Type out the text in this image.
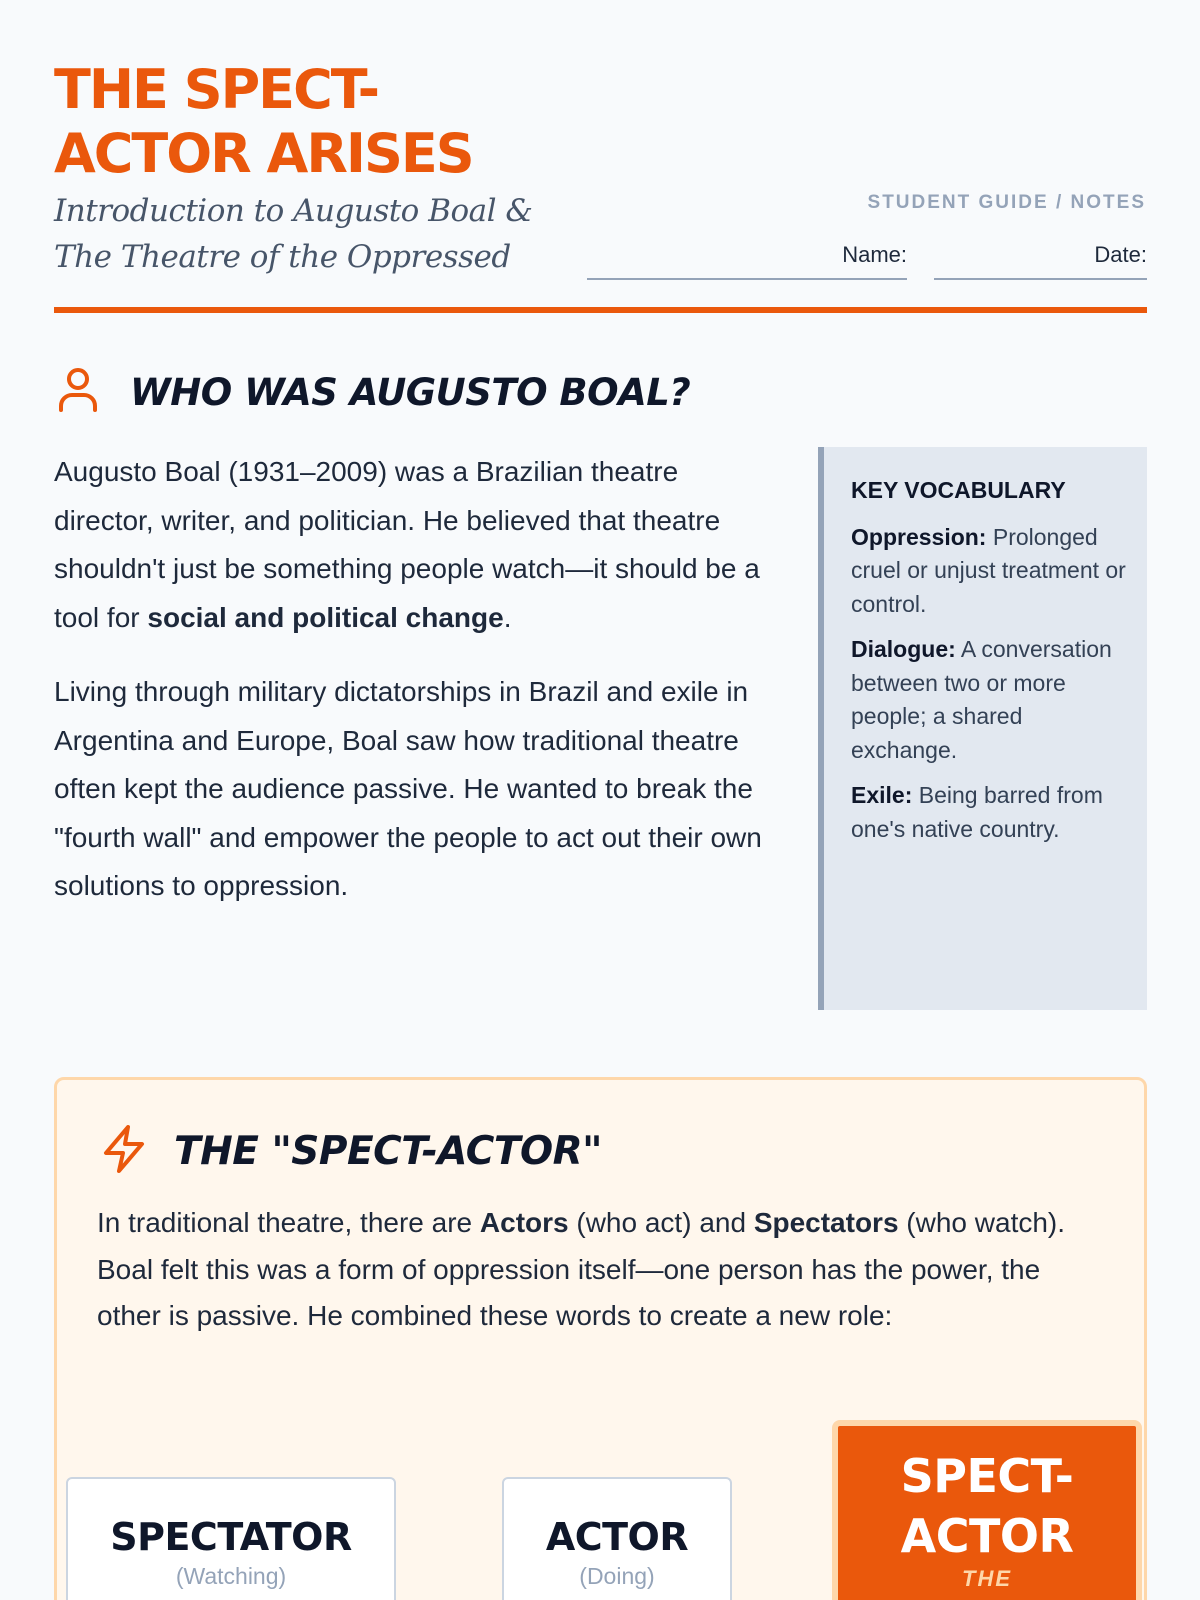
THE SPECT-
ACTOR ARISES
Introduction to Augusto Boal &
The Theatre of the Oppressed
STUDENT GUIDE / NOTES
Name:	Date:
WHO WAS AUGUSTO BOAL?

Augusto Boal (1931–2009) was a Brazilian theatre director, writer, and politician. He believed that theatre shouldn't just be something people watch—it should be a tool for social and political change.

Living through military dictatorships in Brazil and exile in Argentina and Europe, Boal saw how traditional theatre often kept the audience passive. He wanted to break the "fourth wall" and empower the people to act out their own solutions to oppression.

KEY VOCABULARY
Oppression: Prolonged cruel or unjust treatment or control.
Dialogue: A conversation between two or more people; a shared exchange.
Exile: Being barred from one's native country.
THE "SPECT-ACTOR"
In traditional theatre, there are Actors (who act) and Spectators (who watch). Boal felt this was a form of oppression itself—one person has the power, the other is passive. He combined these words to create a new role:
SPECTATOR
(Watching)
ACTOR
(Doing)
SPECT-
ACTOR
THE
